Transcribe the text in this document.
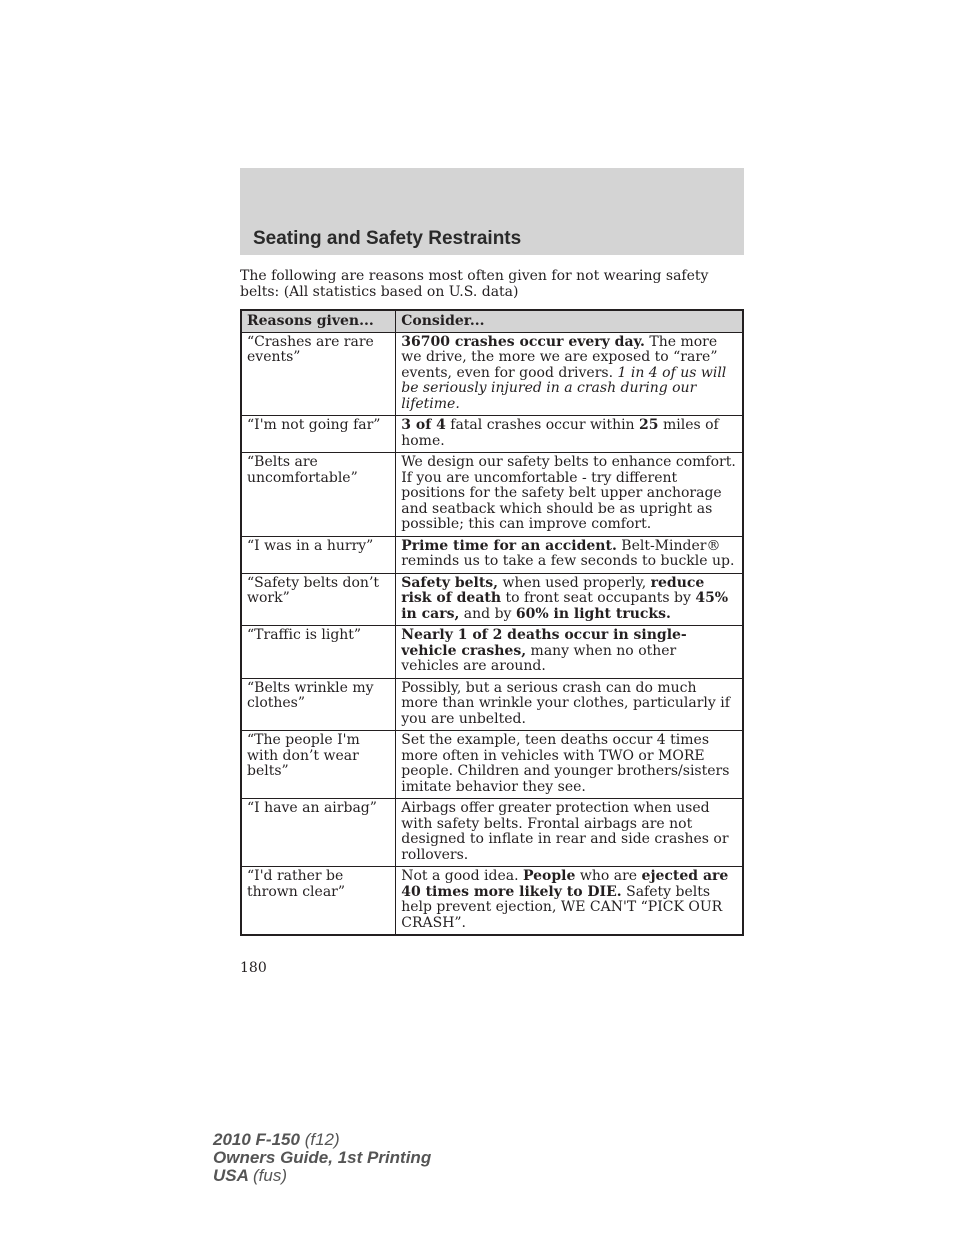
Seating and Safety Restraints

The following are reasons most often given for not wearing safety belts: (All statistics based on U.S. data)

Reasons given...	Consider...
“Crashes are rare events”	36700 crashes occur every day. The more we drive, the more we are exposed to “rare” events, even for good drivers. 1 in 4 of us will be seriously injured in a crash during our lifetime.
“I'm not going far”	3 of 4 fatal crashes occur within 25 miles of home.
“Belts are uncomfortable”	We design our safety belts to enhance comfort. If you are uncomfortable - try different positions for the safety belt upper anchorage and seatback which should be as upright as possible; this can improve comfort.
“I was in a hurry”	Prime time for an accident. Belt-Minder® reminds us to take a few seconds to buckle up.
“Safety belts don’t work”	Safety belts, when used properly, reduce risk of death to front seat occupants by 45% in cars, and by 60% in light trucks.
“Traffic is light”	Nearly 1 of 2 deaths occur in single-vehicle crashes, many when no other vehicles are around.
“Belts wrinkle my clothes”	Possibly, but a serious crash can do much more than wrinkle your clothes, particularly if you are unbelted.
“The people I'm with don’t wear belts”	Set the example, teen deaths occur 4 times more often in vehicles with TWO or MORE people. Children and younger brothers/sisters imitate behavior they see.
“I have an airbag”	Airbags offer greater protection when used with safety belts. Frontal airbags are not designed to inflate in rear and side crashes or rollovers.
“I'd rather be thrown clear”	Not a good idea. People who are ejected are 40 times more likely to DIE. Safety belts help prevent ejection, WE CAN'T “PICK OUR CRASH”.

180

2010 F-150 (f12)
Owners Guide, 1st Printing
USA (fus)
